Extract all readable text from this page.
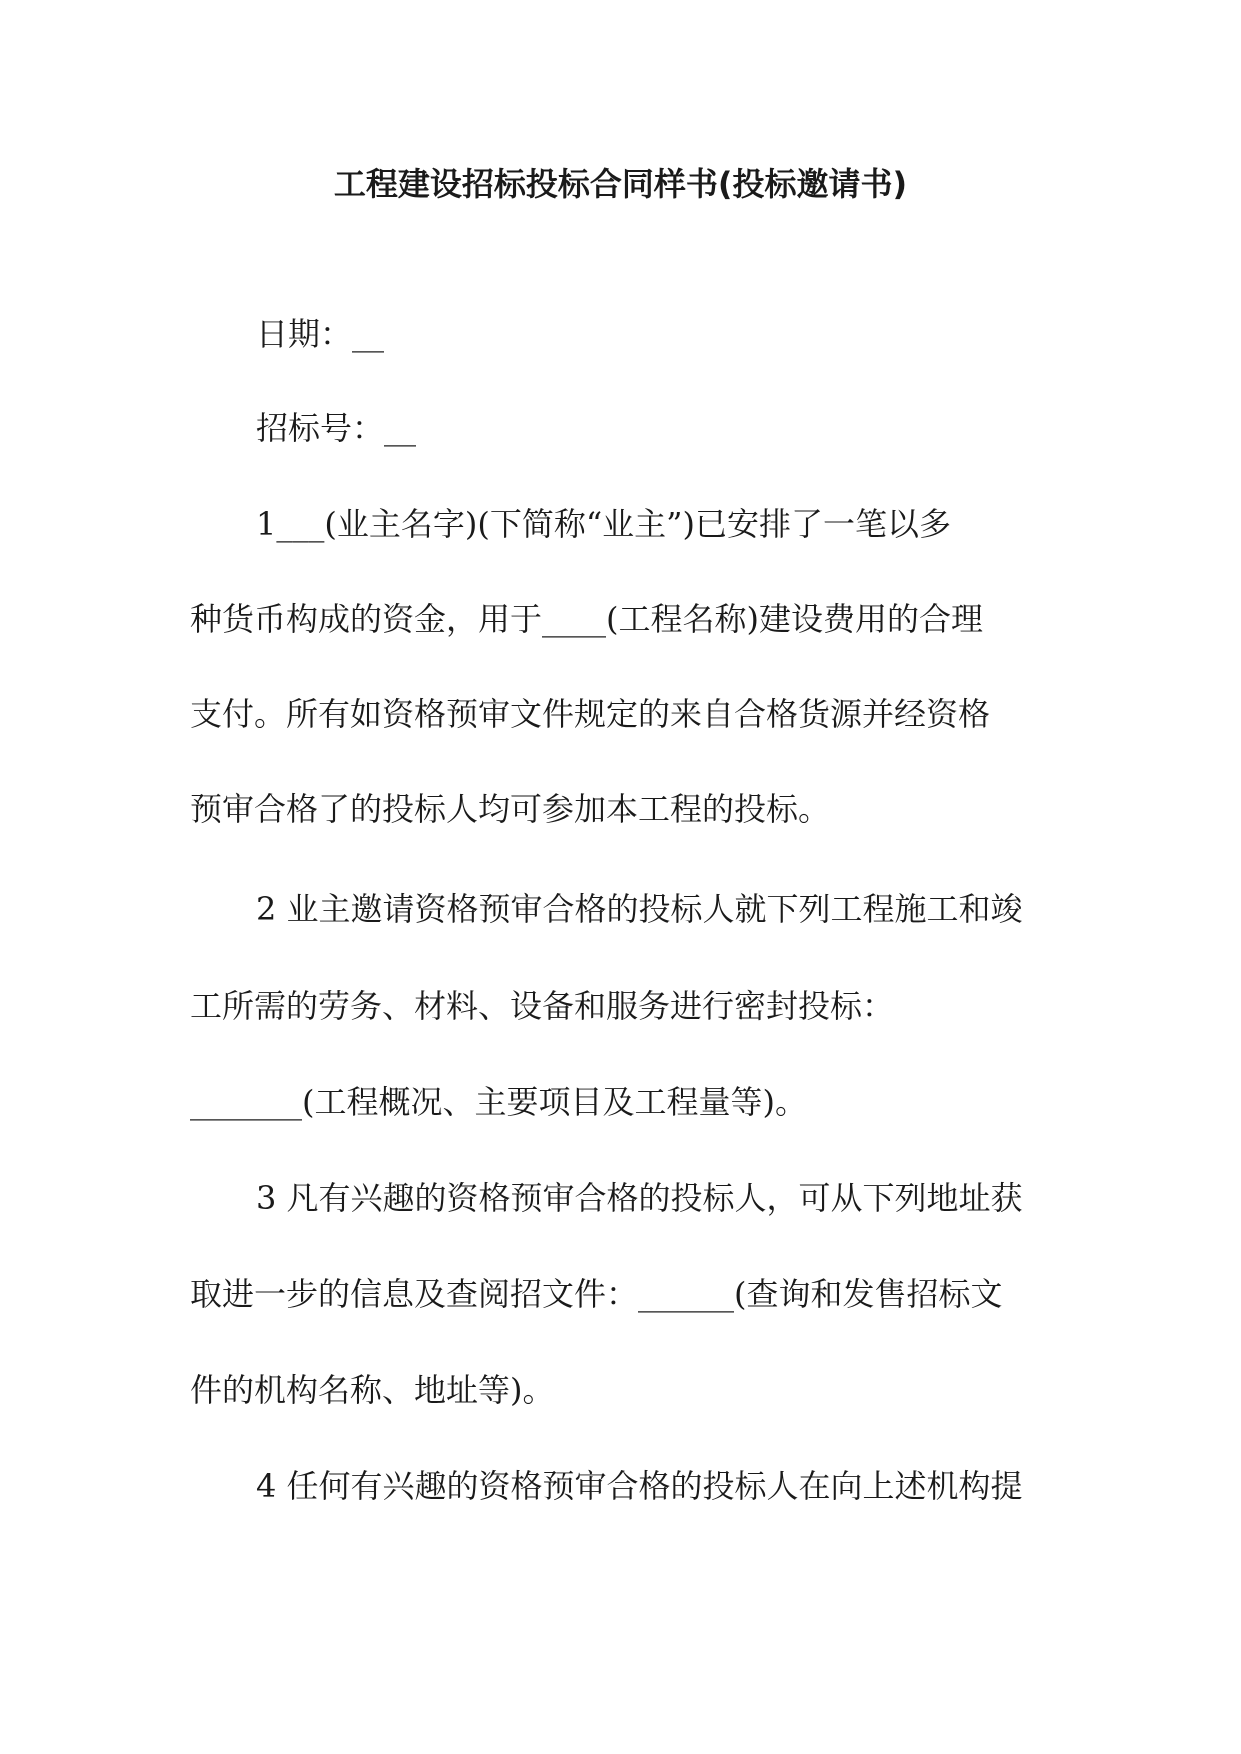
工程建设招标投标合同样书(投标邀请书)

日期：__

招标号：__

1___(业主名字)(下简称“业主”)已安排了一笔以多

种货币构成的资金，用于____(工程名称)建设费用的合理

支付。所有如资格预审文件规定的来自合格货源并经资格

预审合格了的投标人均可参加本工程的投标。

2 业主邀请资格预审合格的投标人就下列工程施工和竣

工所需的劳务、材料、设备和服务进行密封投标：

_______(工程概况、主要项目及工程量等)。

3 凡有兴趣的资格预审合格的投标人，可从下列地址获

取进一步的信息及查阅招文件：______(查询和发售招标文

件的机构名称、地址等)。

4 任何有兴趣的资格预审合格的投标人在向上述机构提
